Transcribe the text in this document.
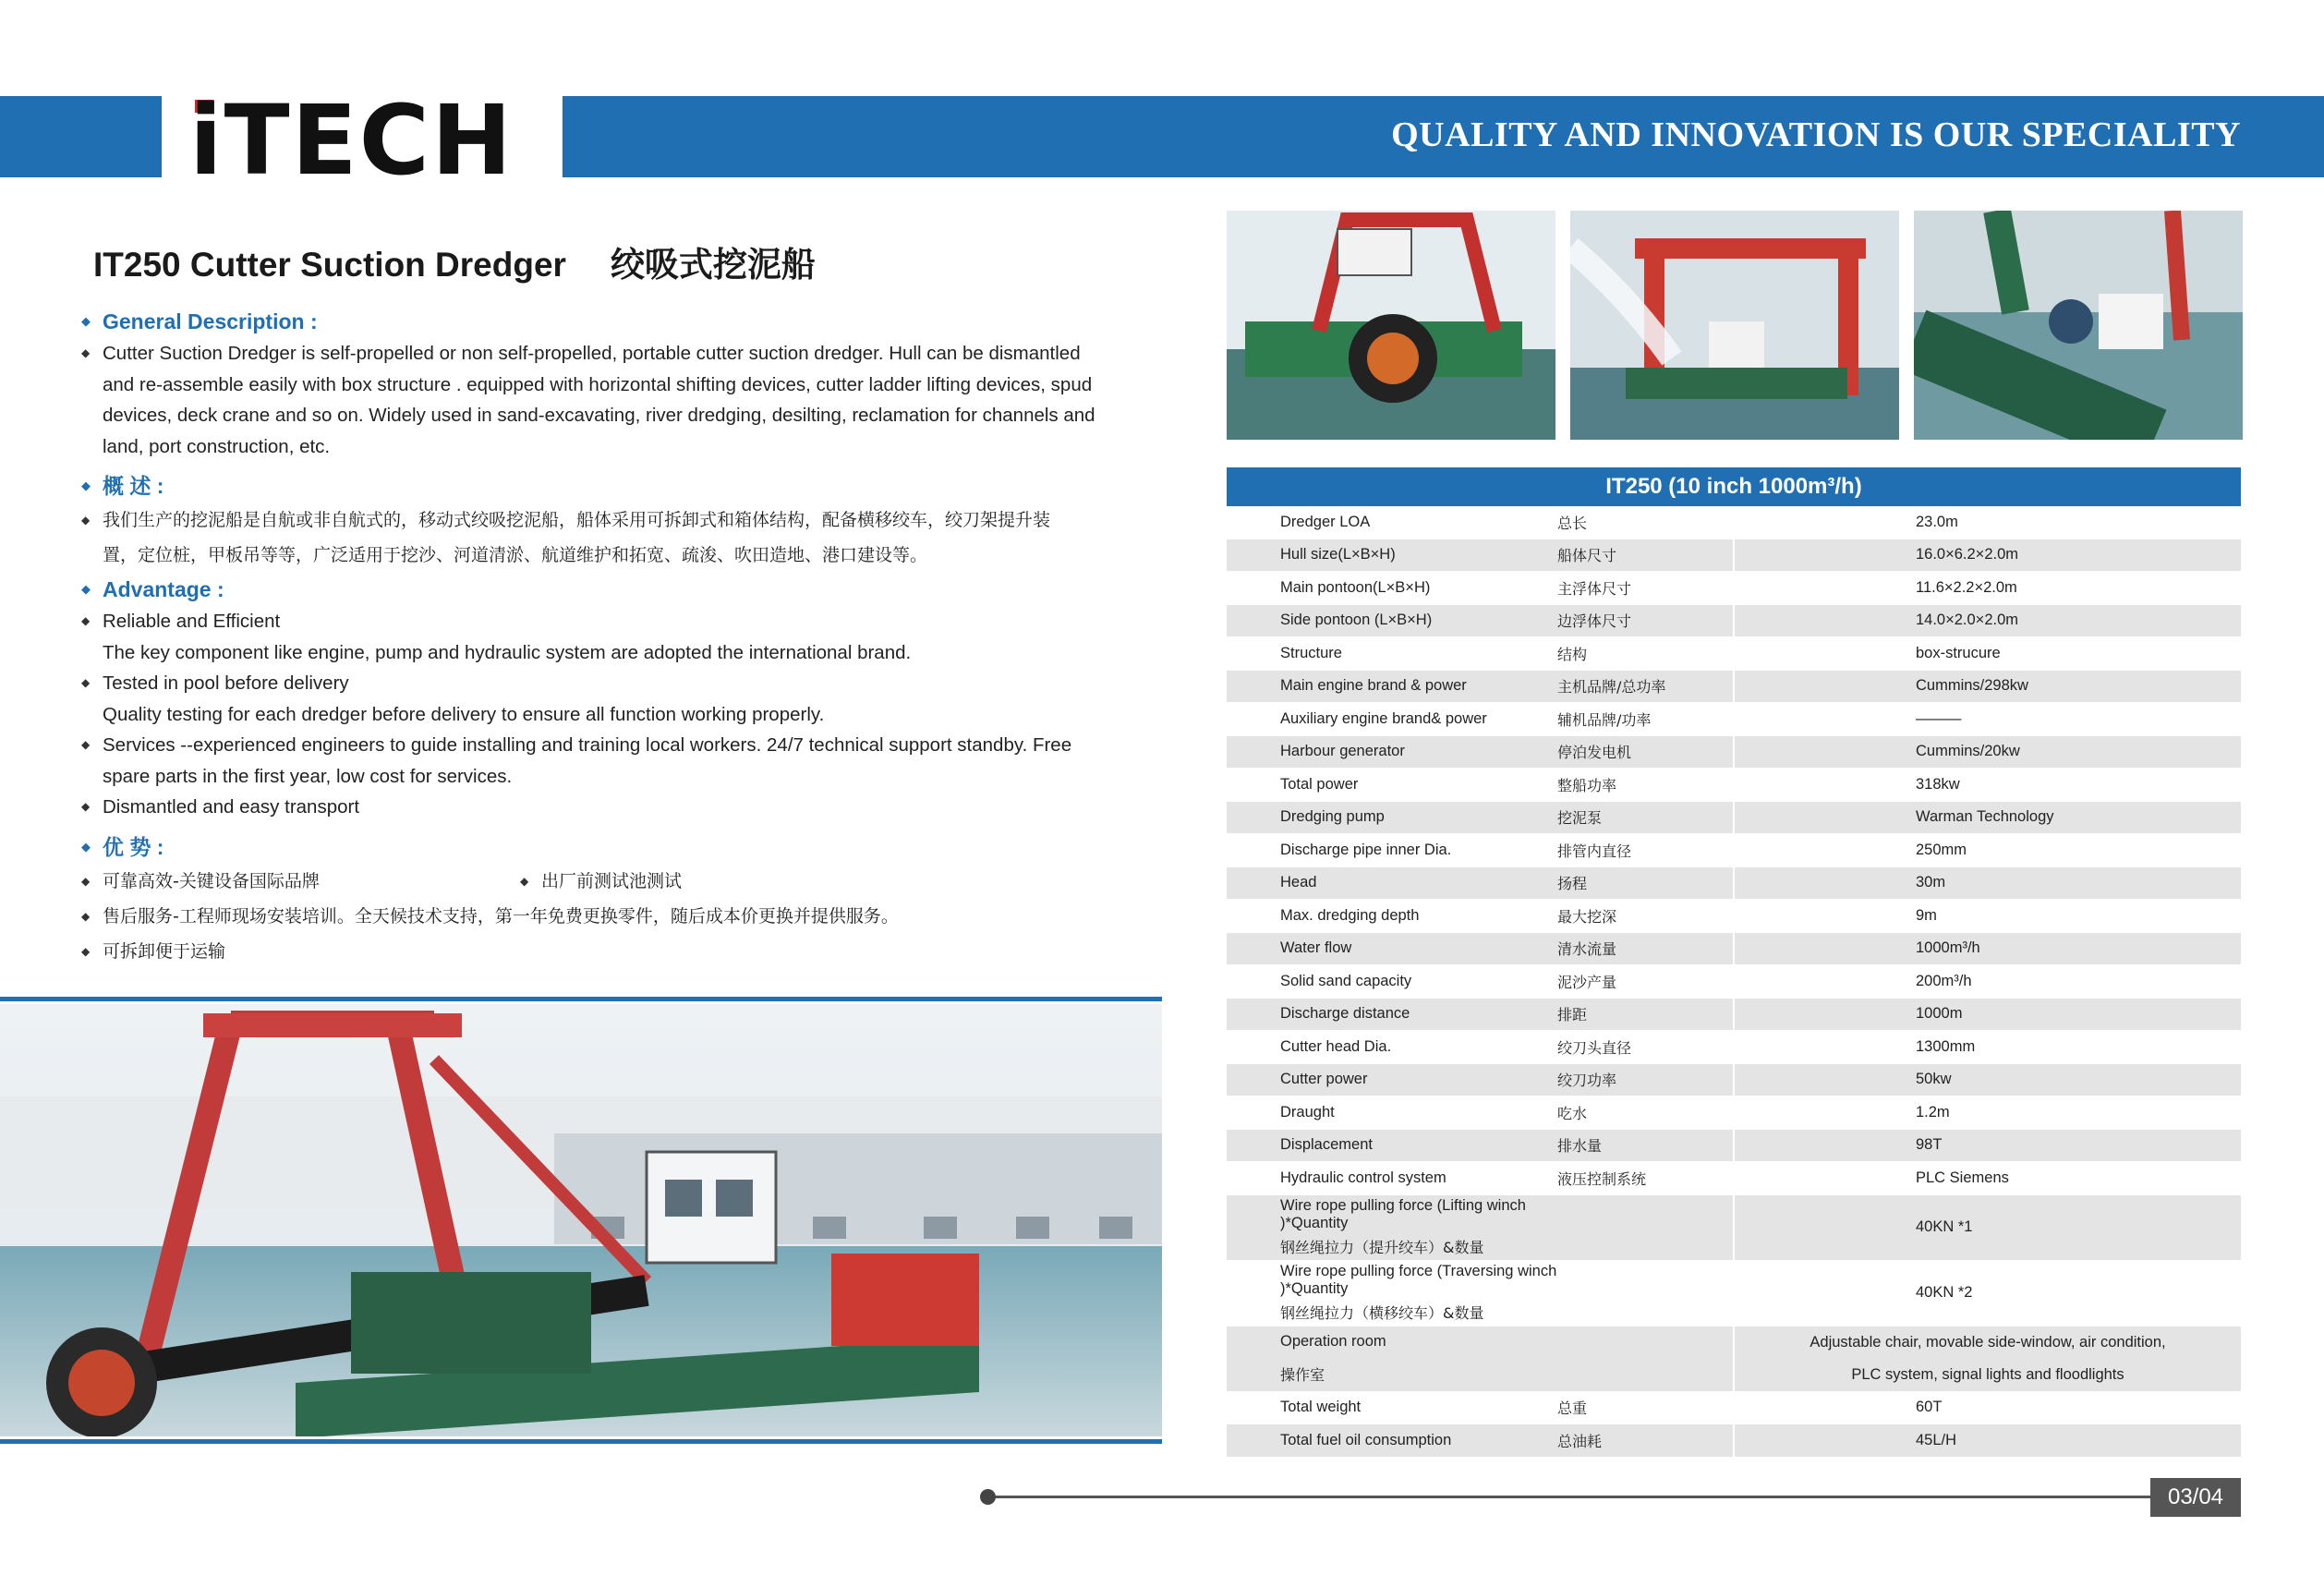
QUALITY AND INNOVATION IS OUR SPECIALITY
iTECH
IT250 Cutter Suction Dredger 绞吸式挖泥船
◆ General Description :
◆ Cutter Suction Dredger is self-propelled or non self-propelled, portable cutter suction dredger. Hull can be dismantled
and re-assemble easily with box structure . equipped with horizontal shifting devices, cutter ladder lifting devices, spud
devices, deck crane and so on. Widely used in sand-excavating, river dredging, desilting, reclamation for channels and
land, port construction, etc.
◆ 概 述 :
◆ 我们生产的挖泥船是自航或非自航式的，移动式绞吸挖泥船，船体采用可拆卸式和箱体结构，配备横移绞车，绞刀架提升装
置，定位桩，甲板吊等等，广泛适用于挖沙、河道清淤、航道维护和拓宽、疏浚、吹田造地、港口建设等。
◆ Advantage :
◆ Reliable and Efficient
The key component like engine, pump and hydraulic system are adopted the international brand.
◆ Tested in pool before delivery
Quality testing for each dredger before delivery to ensure all function working properly.
◆ Services --experienced engineers to guide installing and training local workers. 24/7 technical support standby. Free
spare parts in the first year, low cost for services.
◆ Dismantled and easy transport
◆ 优 势 :
◆ 可靠高效-关键设备国际品牌
◆	出厂前测试池测试
◆ 售后服务-工程师现场安装培训。全天候技术支持，第一年免费更换零件，随后成本价更换并提供服务。
◆ 可拆卸便于运输
IT250 (10 inch 1000m³/h)
Dredger LOA	总长	23.0m
Hull size(L×B×H)	船体尺寸	16.0×6.2×2.0m
Main pontoon(L×B×H)	主浮体尺寸	11.6×2.2×2.0m
Side pontoon (L×B×H)	边浮体尺寸	14.0×2.0×2.0m
Structure	结构	box-strucure
Main engine brand & power	主机品牌/总功率	Cummins/298kw
Auxiliary engine brand& power	辅机品牌/功率	———
Harbour generator	停泊发电机	Cummins/20kw
Total power	整船功率	318kw
Dredging pump	挖泥泵	Warman Technology
Discharge pipe inner Dia.	排管内直径	250mm
Head	扬程	30m
Max. dredging depth	最大挖深	9m
Water flow	清水流量	1000m³/h
Solid sand capacity	泥沙产量	200m³/h
Discharge distance	排距	1000m
Cutter head Dia.	绞刀头直径	1300mm
Cutter power	绞刀功率	50kw
Draught	吃水	1.2m
Displacement	排水量	98T
Hydraulic control system	液压控制系统	PLC Siemens
Wire rope pulling force (Lifting winch )*Quantity
钢丝绳拉力（提升绞车）&数量
40KN *1
Wire rope pulling force (Traversing winch )*Quantity
钢丝绳拉力（横移绞车）&数量
40KN *2
Operation room
操作室
Adjustable chair, movable side-window, air condition,
PLC system, signal lights and floodlights
Total weight	总重	60T
Total fuel oil consumption	总油耗	45L/H
03/04
